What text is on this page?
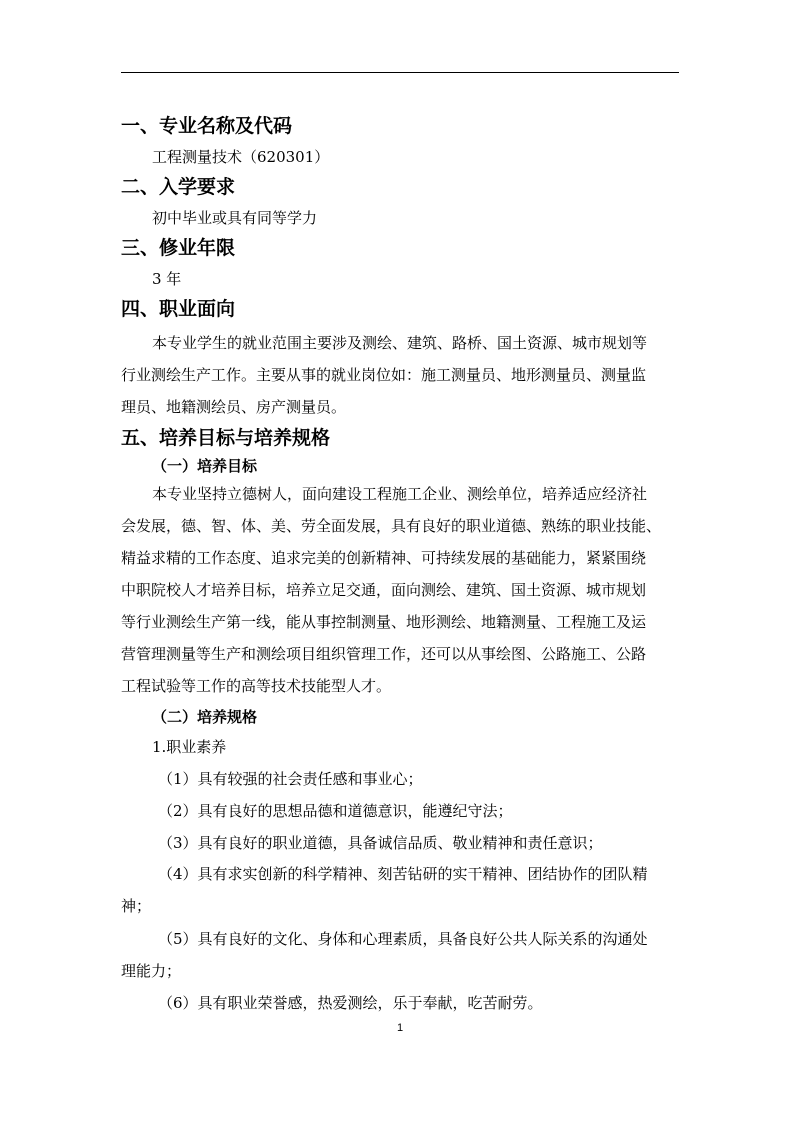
一、专业名称及代码
工程测量技术（620301）
二、入学要求
初中毕业或具有同等学力
三、修业年限
3 年
四、职业面向
本专业学生的就业范围主要涉及测绘、建筑、路桥、国土资源、城市规划等
行业测绘生产工作。主要从事的就业岗位如：施工测量员、地形测量员、测量监
理员、地籍测绘员、房产测量员。
五、培养目标与培养规格
（一）培养目标
本专业坚持立德树人，面向建设工程施工企业、测绘单位，培养适应经济社
会发展，德、智、体、美、劳全面发展，具有良好的职业道德、熟练的职业技能、
精益求精的工作态度、追求完美的创新精神、可持续发展的基础能力，紧紧围绕
中职院校人才培养目标，培养立足交通，面向测绘、建筑、国土资源、城市规划
等行业测绘生产第一线，能从事控制测量、地形测绘、地籍测量、工程施工及运
营管理测量等生产和测绘项目组织管理工作，还可以从事绘图、公路施工、公路
工程试验等工作的高等技术技能型人才。
（二）培养规格
1.职业素养
（1）具有较强的社会责任感和事业心；
（2）具有良好的思想品德和道德意识，能遵纪守法；
（3）具有良好的职业道德，具备诚信品质、敬业精神和责任意识；
（4）具有求实创新的科学精神、刻苦钻研的实干精神、团结协作的团队精
神；
（5）具有良好的文化、身体和心理素质，具备良好公共人际关系的沟通处
理能力；
（6）具有职业荣誉感，热爱测绘，乐于奉献，吃苦耐劳。
1
